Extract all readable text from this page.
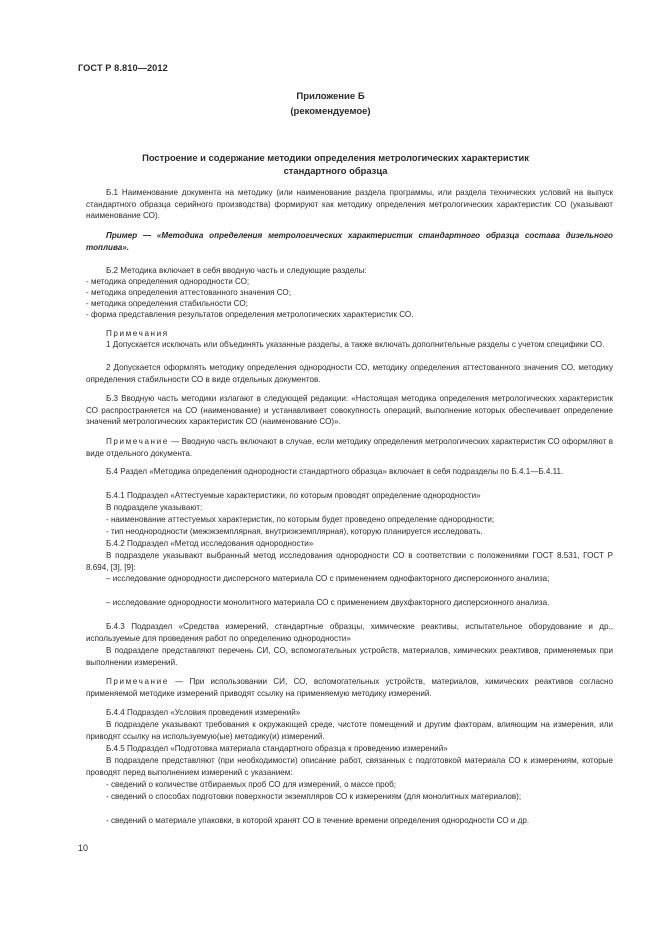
ГОСТ Р 8.810—2012
Приложение Б
(рекомендуемое)
Построение и содержание методики определения метрологических характеристик
стандартного образца

Б.1 Наименование документа на методику (или наименование раздела программы, или раздела технических условий на выпуск стандартного образца серийного производства) формируют как методику определения метрологических характеристик СО (указывают наименование СО).

Пример — «Методика определения метрологических характеристик стандартного образца состава дизельного топлива».

Б.2 Методика включает в себя вводную часть и следующие разделы:

- методика определения однородности СО;

- методика определения аттестованного значения СО;

- методика определения стабильности СО;

- форма представления результатов определения метрологических характеристик СО.

Примечания

1 Допускается исключать или объединять указанные разделы, а также включать дополнительные разделы с учетом специфики СО.

2 Допускается оформлять методику определения однородности СО, методику определения аттестованного значения СО, методику определения стабильности СО в виде отдельных документов.

Б.3 Вводную часть методики излагают в следующей редакции: «Настоящая методика определения метрологических характеристик СО распространяется на СО (наименование) и устанавливает совокупность операций, выполнение которых обеспечивает определение значений метрологических характеристик СО (наименование СО)».

Примечание — Вводную часть включают в случае, если методику определения метрологических характеристик СО оформляют в виде отдельного документа.

Б.4 Раздел «Методика определения однородности стандартного образца» включает в себя подразделы по Б.4.1—Б.4.11.

Б.4.1 Подраздел «Аттестуемые характеристики, по которым проводят определение однородности»

В подразделе указывают:

- наименование аттестуемых характеристик, по которым будет проведено определение однородности;

- тип неоднородности (межэкземплярная, внутриэкземплярная), которую планируется исследовать.

Б.4.2 Подраздел «Метод исследования однородности»

В подразделе указывают выбранный метод исследования однородности СО в соответствии с положениями ГОСТ 8.531, ГОСТ Р 8.694, [3], [9]:

– исследование однородности дисперсного материала СО с применением однофакторного дисперсионного анализа;

– исследование однородности монолитного материала СО с применением двухфакторного дисперсионного анализа.

Б.4.3 Подраздел «Средства измерений, стандартные образцы, химические реактивы, испытательное оборудование и др., используемые для проведения работ по определению однородности»

В подразделе представляют перечень СИ, СО, вспомогательных устройств, материалов, химических реактивов, применяемых при выполнении измерений.

Примечание — При использовании СИ, СО, вспомогательных устройств, материалов, химических реактивов согласно применяемой методике измерений приводят ссылку на применяемую методику измерений.

Б.4.4 Подраздел «Условия проведения измерений»

В подразделе указывают требования к окружающей среде, чистоте помещений и другим факторам, влияющим на измерения, или приводят ссылку на используемую(ые) методику(и) измерений.

Б.4.5 Подраздел «Подготовка материала стандартного образца к проведению измерений»

В подразделе представляют (при необходимости) описание работ, связанных с подготовкой материала СО к измерениям, которые проводят перед выполнением измерений с указанием:

- сведений о количестве отбираемых проб СО для измерений, о массе проб;

- сведений о способах подготовки поверхности экземпляров СО к измерениям (для монолитных материалов);

- сведений о материале упаковки, в которой хранят СО в течение времени определения однородности СО и др.

10
